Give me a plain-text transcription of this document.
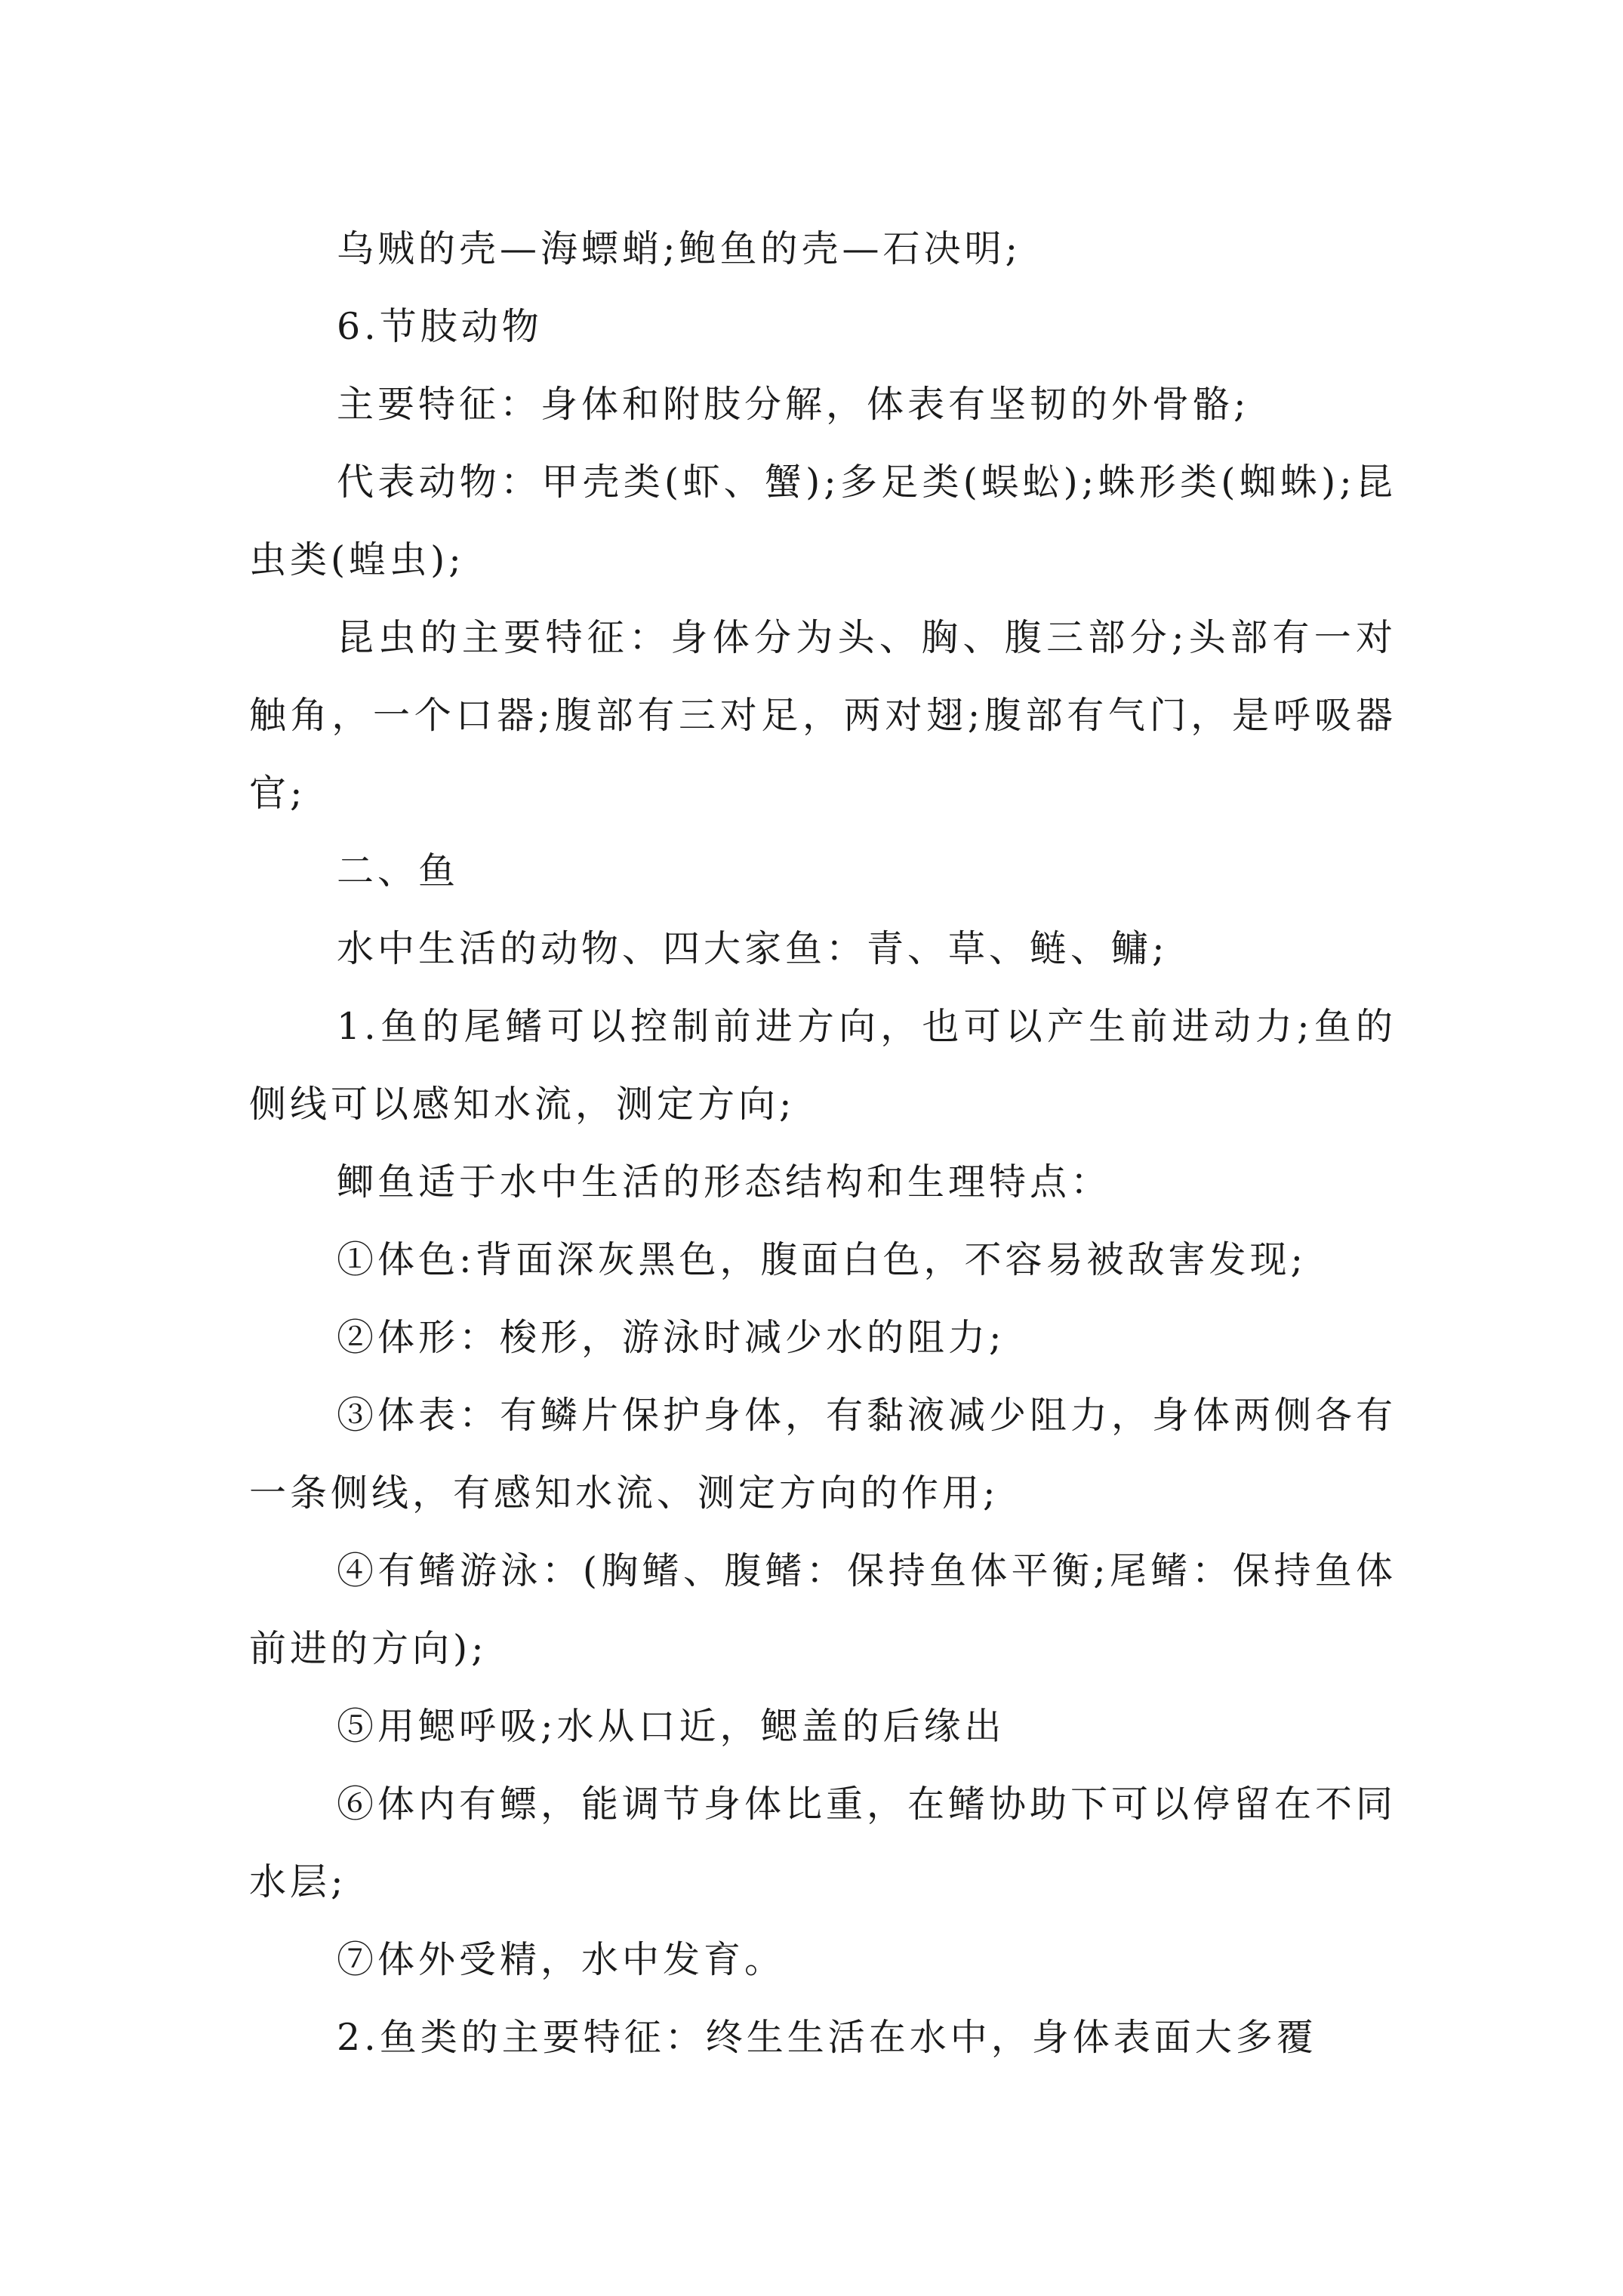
乌贼的壳—海螵蛸;鲍鱼的壳—石决明;

6.节肢动物

主要特征：身体和附肢分解，体表有坚韧的外骨骼;

代表动物：甲壳类(虾、蟹);多足类(蜈蚣);蛛形类(蜘蛛);昆虫类(蝗虫);

昆虫的主要特征：身体分为头、胸、腹三部分;头部有一对触角，一个口器;腹部有三对足，两对翅;腹部有气门，是呼吸器官;

二、鱼

水中生活的动物、四大家鱼：青、草、鲢、鳙;

1.鱼的尾鳍可以控制前进方向，也可以产生前进动力;鱼的侧线可以感知水流，测定方向;

鲫鱼适于水中生活的形态结构和生理特点：

①体色:背面深灰黑色，腹面白色，不容易被敌害发现;

②体形：梭形，游泳时减少水的阻力;

③体表：有鳞片保护身体，有黏液减少阻力，身体两侧各有一条侧线，有感知水流、测定方向的作用;

④有鳍游泳：(胸鳍、腹鳍：保持鱼体平衡;尾鳍：保持鱼体前进的方向);

⑤用鳃呼吸;水从口近，鳃盖的后缘出

⑥体内有鳔，能调节身体比重，在鳍协助下可以停留在不同水层;

⑦体外受精，水中发育。

2.鱼类的主要特征：终生生活在水中，身体表面大多覆
